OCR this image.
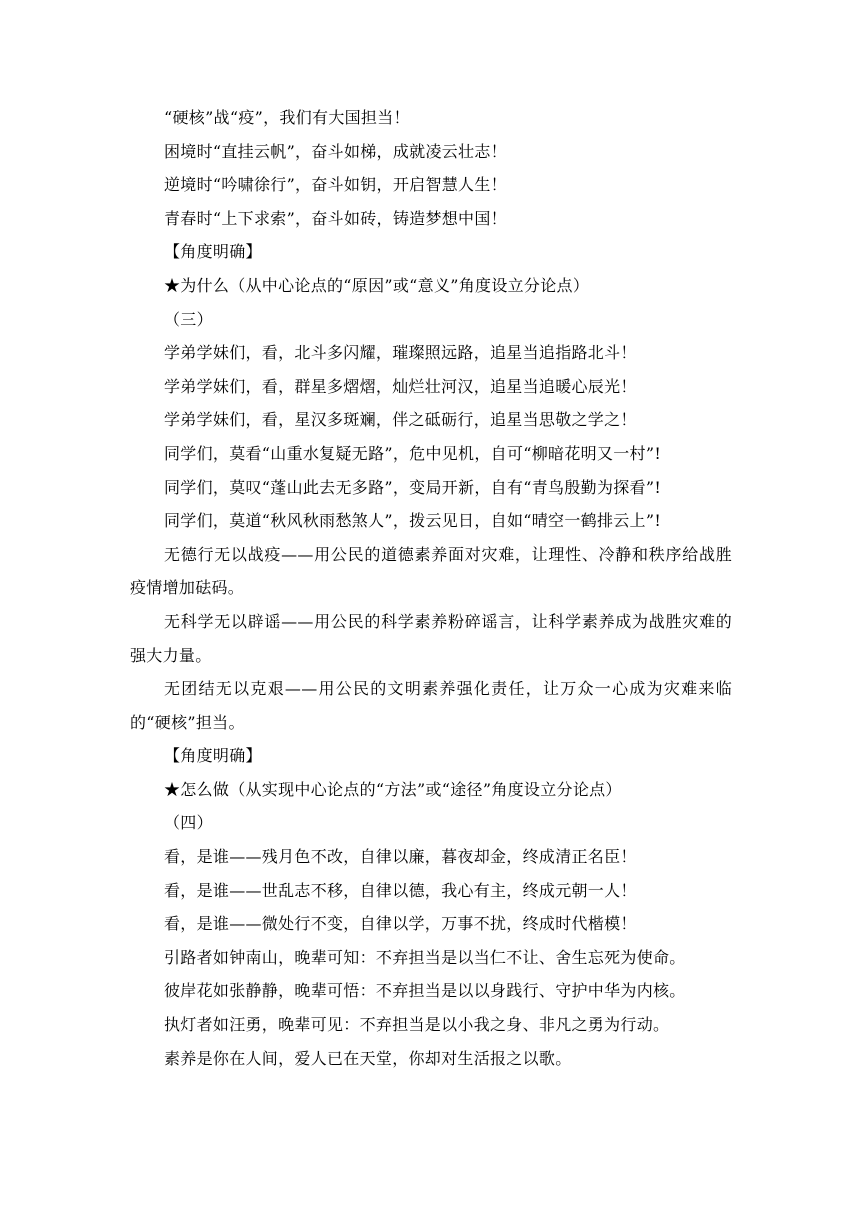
“硬核”战“疫”，我们有大国担当！
困境时“直挂云帆”，奋斗如梯，成就凌云壮志！
逆境时“吟啸徐行”，奋斗如钥，开启智慧人生！
青春时“上下求索”，奋斗如砖，铸造梦想中国！
【角度明确】
★为什么（从中心论点的“原因”或“意义”角度设立分论点）
（三）
学弟学妹们，看，北斗多闪耀，璀璨照远路，追星当追指路北斗！
学弟学妹们，看，群星多熠熠，灿烂壮河汉，追星当追暖心辰光！
学弟学妹们，看，星汉多斑斓，伴之砥砺行，追星当思敬之学之！
同学们，莫看“山重水复疑无路”，危中见机，自可“柳暗花明又一村”!
同学们，莫叹“蓬山此去无多路”，变局开新，自有“青鸟殷勤为探看”!
同学们，莫道“秋风秋雨愁煞人”，拨云见日，自如“晴空一鹤排云上”!
无德行无以战疫——用公民的道德素养面对灾难，让理性、冷静和秩序给战胜疫情增加砝码。
无科学无以辟谣——用公民的科学素养粉碎谣言，让科学素养成为战胜灾难的强大力量。
无团结无以克艰——用公民的文明素养强化责任，让万众一心成为灾难来临的“硬核”担当。
【角度明确】
★怎么做（从实现中心论点的“方法”或“途径”角度设立分论点）
（四）
看，是谁——残月色不改，自律以廉，暮夜却金，终成清正名臣！
看，是谁——世乱志不移，自律以德，我心有主，终成元朝一人！
看，是谁——微处行不变，自律以学，万事不扰，终成时代楷模！
引路者如钟南山，晚辈可知：不弃担当是以当仁不让、舍生忘死为使命。
彼岸花如张静静，晚辈可悟：不弃担当是以以身践行、守护中华为内核。
执灯者如汪勇，晚辈可见：不弃担当是以小我之身、非凡之勇为行动。
素养是你在人间，爱人已在天堂，你却对生活报之以歌。
